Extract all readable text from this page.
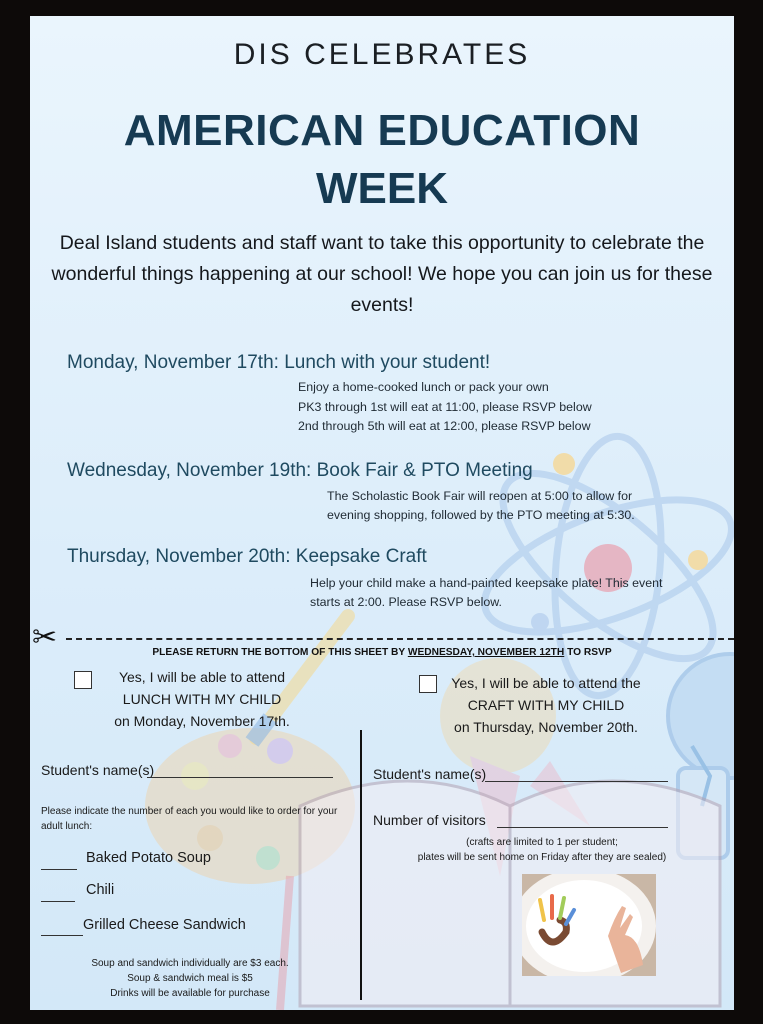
DIS CELEBRATES
AMERICAN EDUCATION
WEEK
Deal Island students and staff want to take this opportunity to celebrate the wonderful things happening at our school! We hope you can join us for these events!
Monday, November 17th: Lunch with your student!
Enjoy a home-cooked lunch or pack your own
PK3 through 1st will eat at 11:00, please RSVP below
2nd through 5th will eat at 12:00, please RSVP below
Wednesday, November 19th: Book Fair & PTO Meeting
The Scholastic Book Fair will reopen at 5:00 to allow for
evening shopping, followed by the PTO meeting at 5:30.
Thursday, November 20th: Keepsake Craft
Help your child make a hand-painted keepsake plate! This event
starts at 2:00. Please RSVP below.
✂	PLEASE RETURN THE BOTTOM OF THIS SHEET BY WEDNESDAY, NOVEMBER 12TH TO RSVP
Yes, I will be able to attend
LUNCH WITH MY CHILD
on Monday, November 17th.
Yes, I will be able to attend the
CRAFT WITH MY CHILD
on Thursday, November 20th.
Student's name(s)
Please indicate the number of each you would like to order for your adult lunch:
Baked Potato Soup
Chili
Grilled Cheese Sandwich
Soup and sandwich individually are $3 each.
Soup & sandwich meal is $5
Drinks will be available for purchase
Student's name(s)
Number of visitors
(crafts are limited to 1 per student;
plates will be sent home on Friday after they are sealed)
